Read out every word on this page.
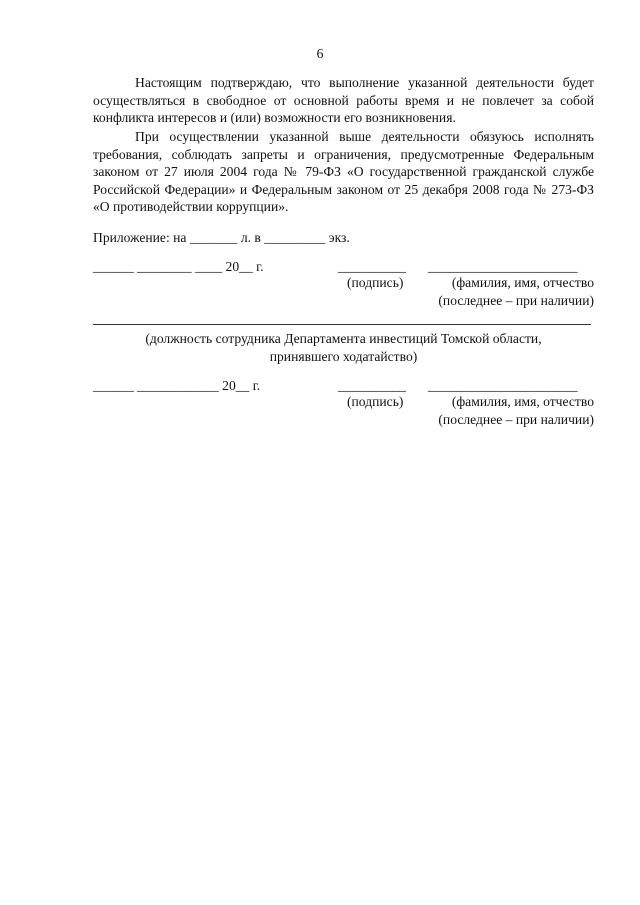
6

Настоящим подтверждаю, что выполнение указанной деятельности будет осуществляться в свободное от основной работы время и не повлечет за собой конфликта интересов и (или) возможности его возникновения.

При осуществлении указанной выше деятельности обязуюсь исполнять требования, соблюдать запреты и ограничения, предусмотренные Федеральным законом от 27 июля 2004 года № 79-ФЗ «О государственной гражданской службе Российской Федерации» и Федеральным законом от 25 декабря 2008 года № 273-ФЗ «О противодействии коррупции».

Приложение: на _______ л. в _________ экз.
______ ________ ____ 20__ г.	__________ ______________________
(подпись)	(фамилия, имя, отчество
(последнее – при наличии)
(должность сотрудника Департамента инвестиций Томской области,
принявшего ходатайство)
______ ____________ 20__ г.	__________ ______________________
(подпись)	(фамилия, имя, отчество
(последнее – при наличии)
